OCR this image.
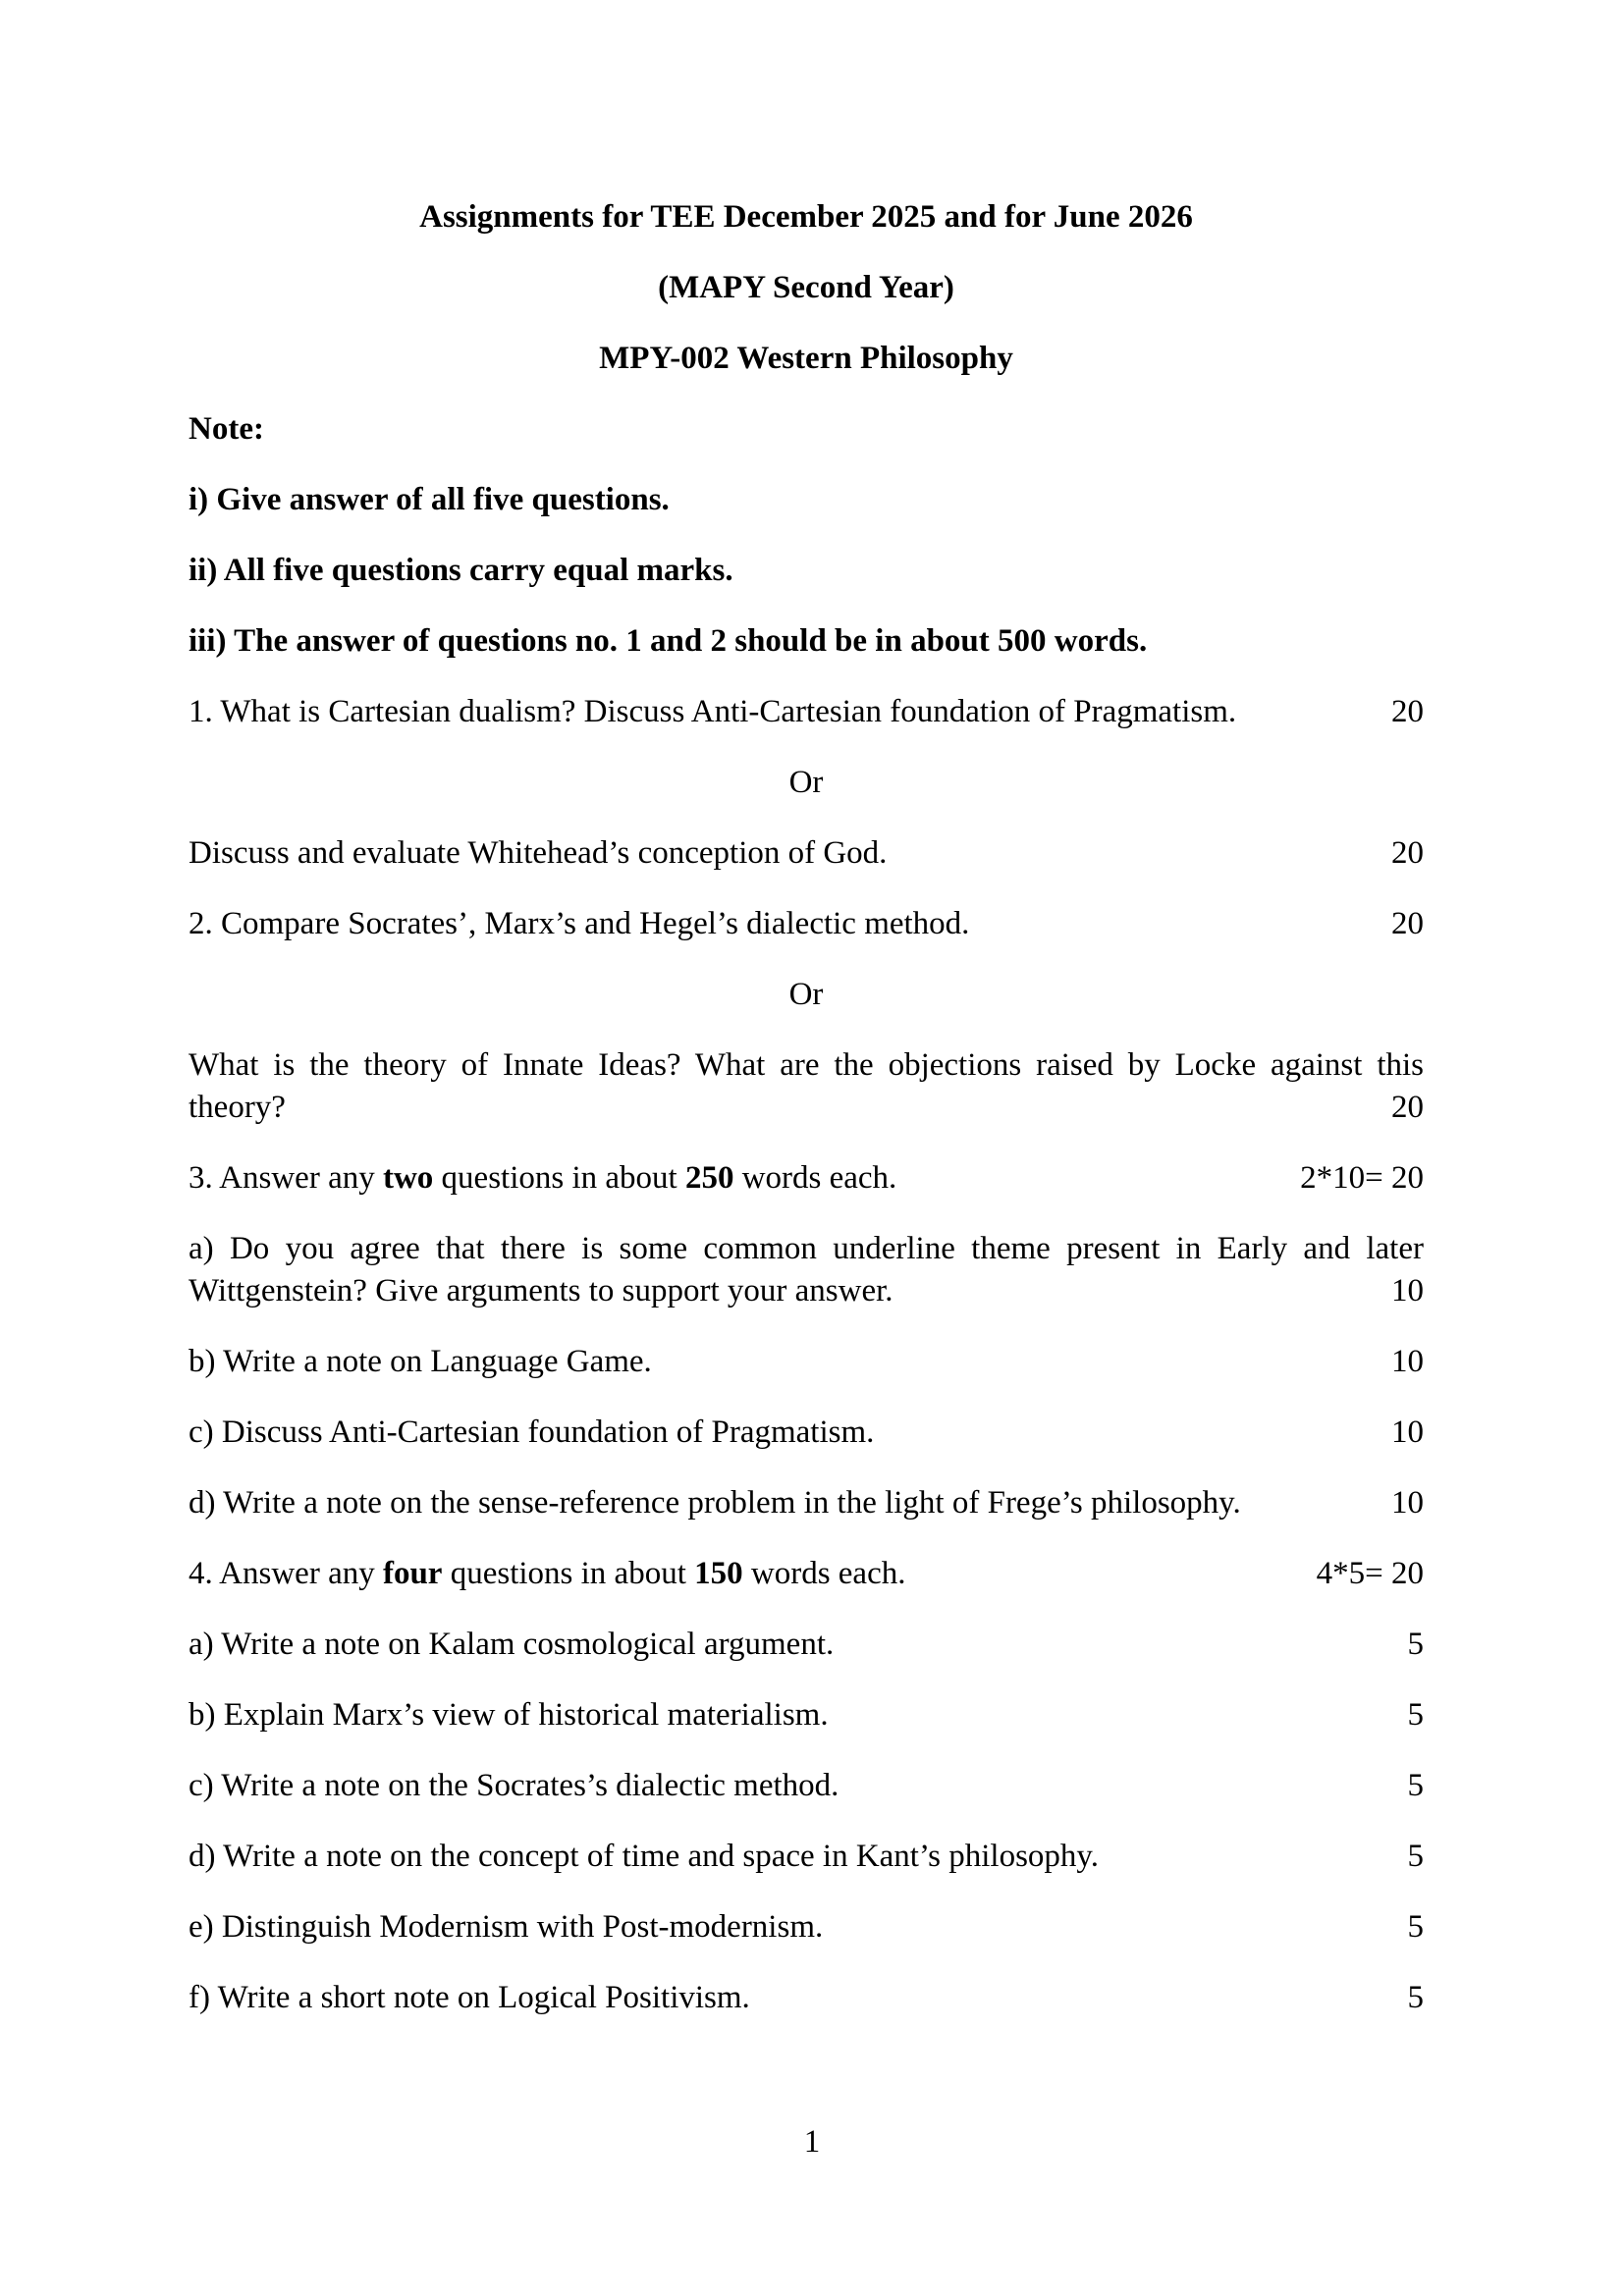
Assignments for TEE December 2025 and for June 2026
(MAPY Second Year)
MPY-002 Western Philosophy
Note:
i) Give answer of all five questions.
ii) All five questions carry equal marks.
iii) The answer of questions no. 1 and 2 should be in about 500 words.
1. What is Cartesian dualism? Discuss Anti-Cartesian foundation of Pragmatism.	20
Or
Discuss and evaluate Whitehead’s conception of God.	20
2. Compare Socrates’, Marx’s and Hegel’s dialectic method.	20
Or
What is the theory of Innate Ideas? What are the objections raised by Locke against this
theory?	20
3. Answer any two questions in about 250 words each.	2*10= 20
a) Do you agree that there is some common underline theme present in Early and later
Wittgenstein? Give arguments to support your answer.	10
b) Write a note on Language Game.	10
c) Discuss Anti-Cartesian foundation of Pragmatism.	10
d) Write a note on the sense-reference problem in the light of Frege’s philosophy.	10
4. Answer any four questions in about 150 words each.	4*5= 20
a) Write a note on Kalam cosmological argument.	5
b) Explain Marx’s view of historical materialism.	5
c) Write a note on the Socrates’s dialectic method.	5
d) Write a note on the concept of time and space in Kant’s philosophy.	5
e) Distinguish Modernism with Post-modernism.	5
f) Write a short note on Logical Positivism.	5
1
